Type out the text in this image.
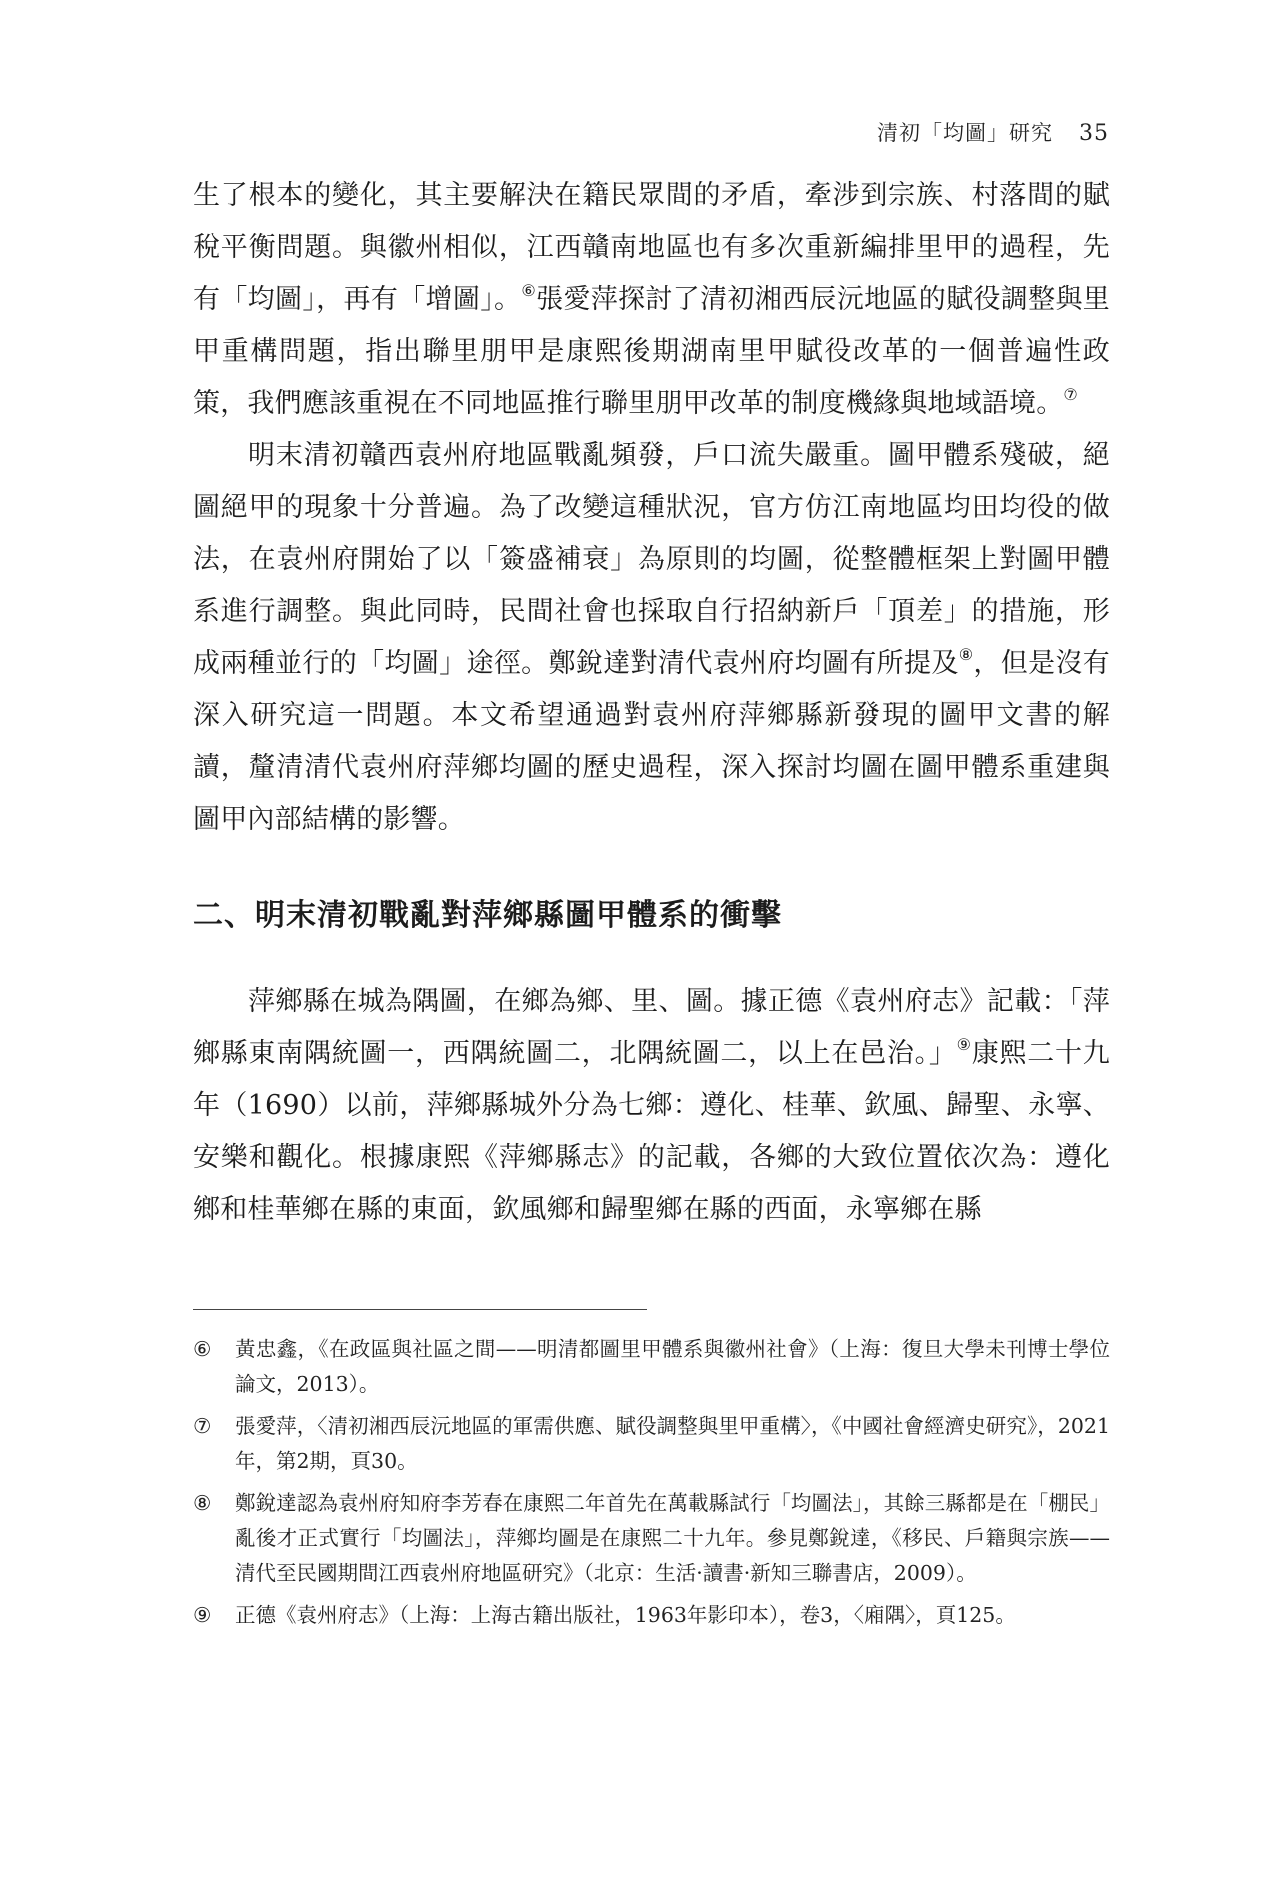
清初「均圖」研究 35

生了根本的變化，其主要解決在籍民眾間的矛盾，牽涉到宗族、村落間的賦稅平衡問題。與徽州相似，江西贛南地區也有多次重新編排里甲的過程，先有「均圖」，再有「增圖」。⑥張愛萍探討了清初湘西辰沅地區的賦役調整與里甲重構問題，指出聯里朋甲是康熙後期湖南里甲賦役改革的一個普遍性政策，我們應該重視在不同地區推行聯里朋甲改革的制度機緣與地域語境。⑦

明末清初贛西袁州府地區戰亂頻發，戶口流失嚴重。圖甲體系殘破，絕圖絕甲的現象十分普遍。為了改變這種狀況，官方仿江南地區均田均役的做法，在袁州府開始了以「簽盛補衰」為原則的均圖，從整體框架上對圖甲體系進行調整。與此同時，民間社會也採取自行招納新戶「頂差」的措施，形成兩種並行的「均圖」途徑。鄭銳達對清代袁州府均圖有所提及⑧，但是沒有深入研究這一問題。本文希望通過對袁州府萍鄉縣新發現的圖甲文書的解讀，釐清清代袁州府萍鄉均圖的歷史過程，深入探討均圖在圖甲體系重建與圖甲內部結構的影響。

二、明末清初戰亂對萍鄉縣圖甲體系的衝擊

萍鄉縣在城為隅圖，在鄉為鄉、里、圖。據正德《袁州府志》記載：「萍鄉縣東南隅統圖一，西隅統圖二，北隅統圖二，以上在邑治。」⑨康熙二十九年（1690）以前，萍鄉縣城外分為七鄉：遵化、桂華、欽風、歸聖、永寧、安樂和觀化。根據康熙《萍鄉縣志》的記載，各鄉的大致位置依次為：遵化鄉和桂華鄉在縣的東面，欽風鄉和歸聖鄉在縣的西面，永寧鄉在縣

⑥	黃忠鑫，《在政區與社區之間——明清都圖里甲體系與徽州社會》（上海：復旦大學未刊博士學位論文，2013）。
⑦	張愛萍，〈清初湘西辰沅地區的軍需供應、賦役調整與里甲重構〉，《中國社會經濟史研究》，2021年，第2期，頁30。
⑧	鄭銳達認為袁州府知府李芳春在康熙二年首先在萬載縣試行「均圖法」，其餘三縣都是在「棚民」亂後才正式實行「均圖法」，萍鄉均圖是在康熙二十九年。參見鄭銳達，《移民、戶籍與宗族——清代至民國期間江西袁州府地區研究》（北京：生活·讀書·新知三聯書店，2009）。
⑨	正德《袁州府志》（上海：上海古籍出版社，1963年影印本），卷3，〈廂隅〉，頁125。
